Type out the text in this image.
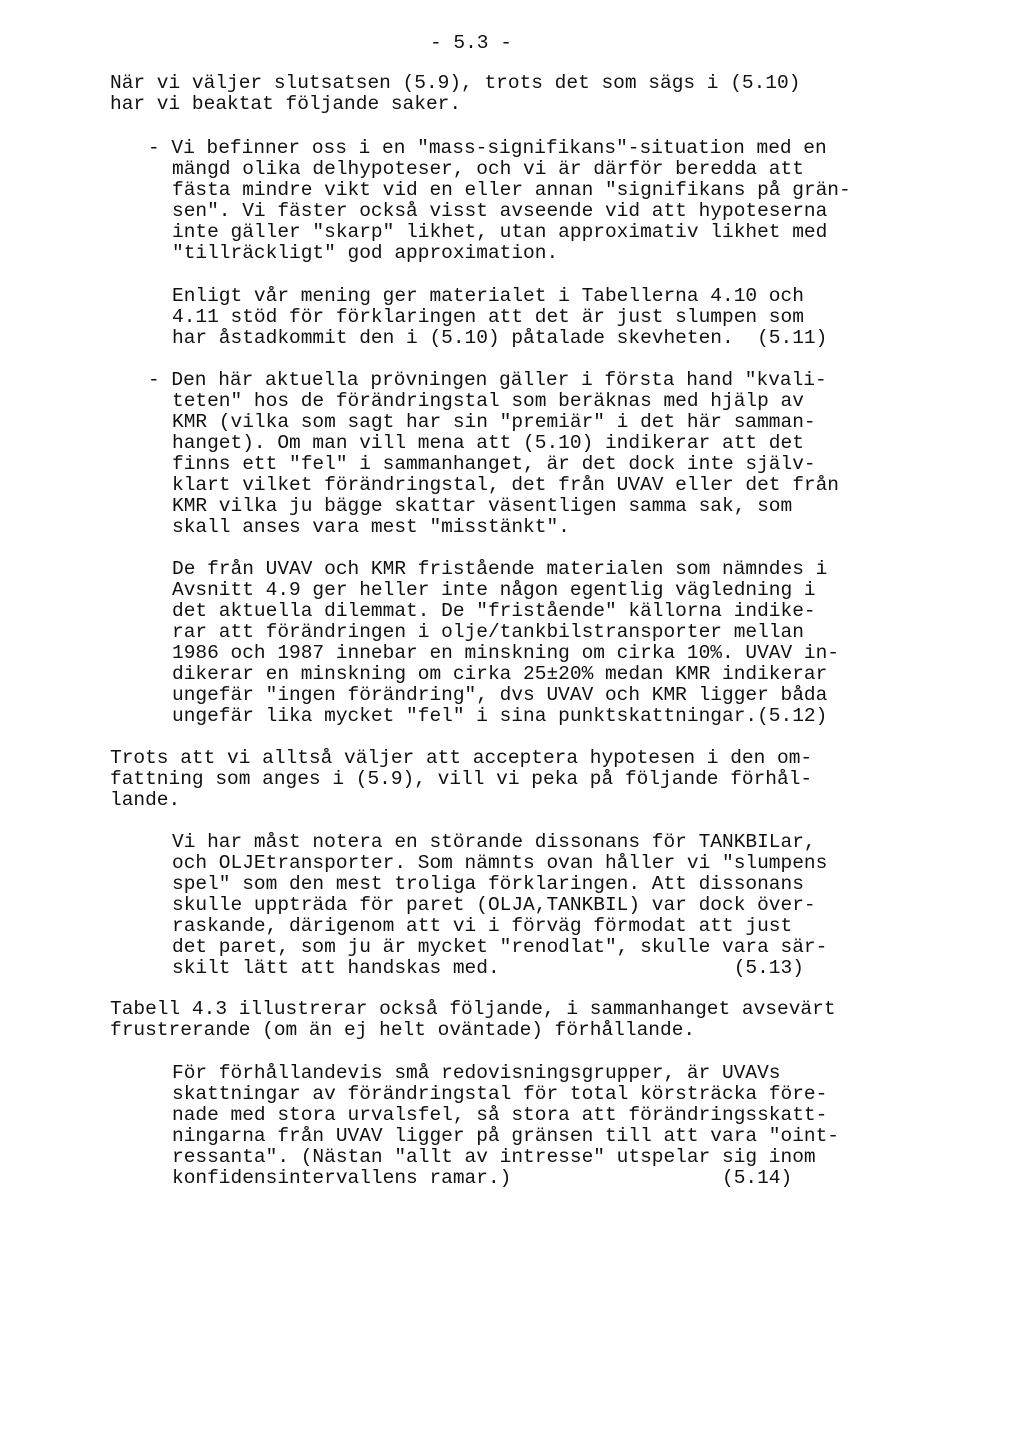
- 5.3 -

När vi väljer slutsatsen (5.9), trots det som sägs i (5.10)

har vi beaktat följande saker.

- Vi befinner oss i en "mass-signifikans"-situation med en

mängd olika delhypoteser, och vi är därför beredda att

fästa mindre vikt vid en eller annan "signifikans på grän-

sen". Vi fäster också visst avseende vid att hypoteserna

inte gäller "skarp" likhet, utan approximativ likhet med

"tillräckligt" god approximation.

Enligt vår mening ger materialet i Tabellerna 4.10 och

4.11 stöd för förklaringen att det är just slumpen som

har åstadkommit den i (5.10) påtalade skevheten.  (5.11)

- Den här aktuella prövningen gäller i första hand "kvali-

teten" hos de förändringstal som beräknas med hjälp av

KMR (vilka som sagt har sin "premiär" i det här samman-

hanget). Om man vill mena att (5.10) indikerar att det

finns ett "fel" i sammanhanget, är det dock inte själv-

klart vilket förändringstal, det från UVAV eller det från

KMR vilka ju bägge skattar väsentligen samma sak, som

skall anses vara mest "misstänkt".

De från UVAV och KMR fristående materialen som nämndes i

Avsnitt 4.9 ger heller inte någon egentlig vägledning i

det aktuella dilemmat. De "fristående" källorna indike-

rar att förändringen i olje/tankbilstransporter mellan

1986 och 1987 innebar en minskning om cirka 10%. UVAV in-

dikerar en minskning om cirka 25±20% medan KMR indikerar

ungefär "ingen förändring", dvs UVAV och KMR ligger båda

ungefär lika mycket "fel" i sina punktskattningar.(5.12)

Trots att vi alltså väljer att acceptera hypotesen i den om-

fattning som anges i (5.9), vill vi peka på följande förhål-

lande.

Vi har måst notera en störande dissonans för TANKBILar,

och OLJEtransporter. Som nämnts ovan håller vi "slumpens

spel" som den mest troliga förklaringen. Att dissonans

skulle uppträda för paret (OLJA,TANKBIL) var dock över-

raskande, därigenom att vi i förväg förmodat att just

det paret, som ju är mycket "renodlat", skulle vara sär-

skilt lätt att handskas med.                    (5.13)

Tabell 4.3 illustrerar också följande, i sammanhanget avsevärt

frustrerande (om än ej helt oväntade) förhållande.

För förhållandevis små redovisningsgrupper, är UVAVs

skattningar av förändringstal för total körsträcka före-

nade med stora urvalsfel, så stora att förändringsskatt-

ningarna från UVAV ligger på gränsen till att vara "oint-

ressanta". (Nästan "allt av intresse" utspelar sig inom

konfidensintervallens ramar.)                  (5.14)
